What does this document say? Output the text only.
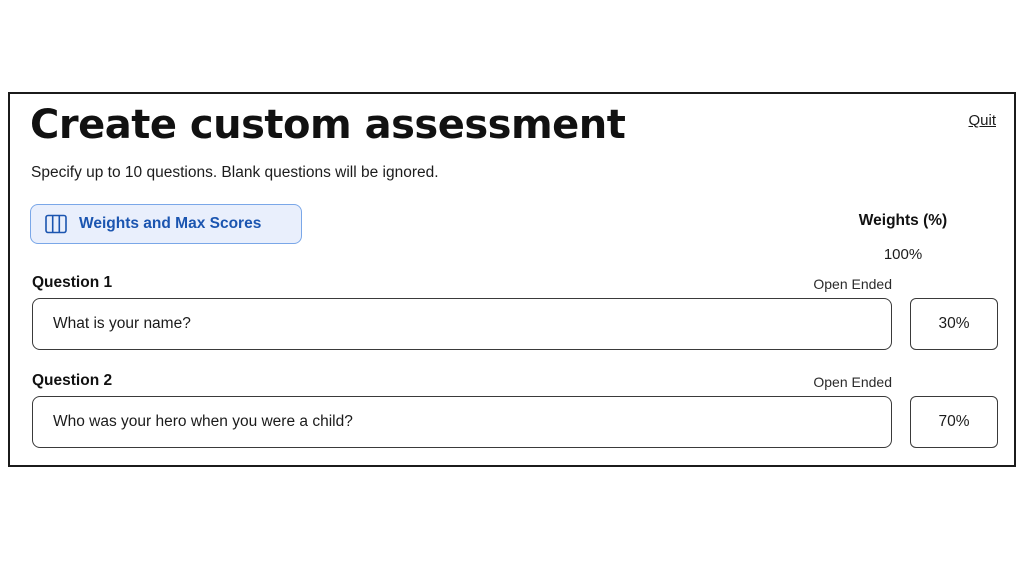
Create custom assessment	Quit
Specify up to 10 questions. Blank questions will be ignored.
Weights and Max Scores	Weights (%)
100%
Question 1	Open Ended
What is your name?
30%
Question 2	Open Ended
Who was your hero when you were a child?
70%
